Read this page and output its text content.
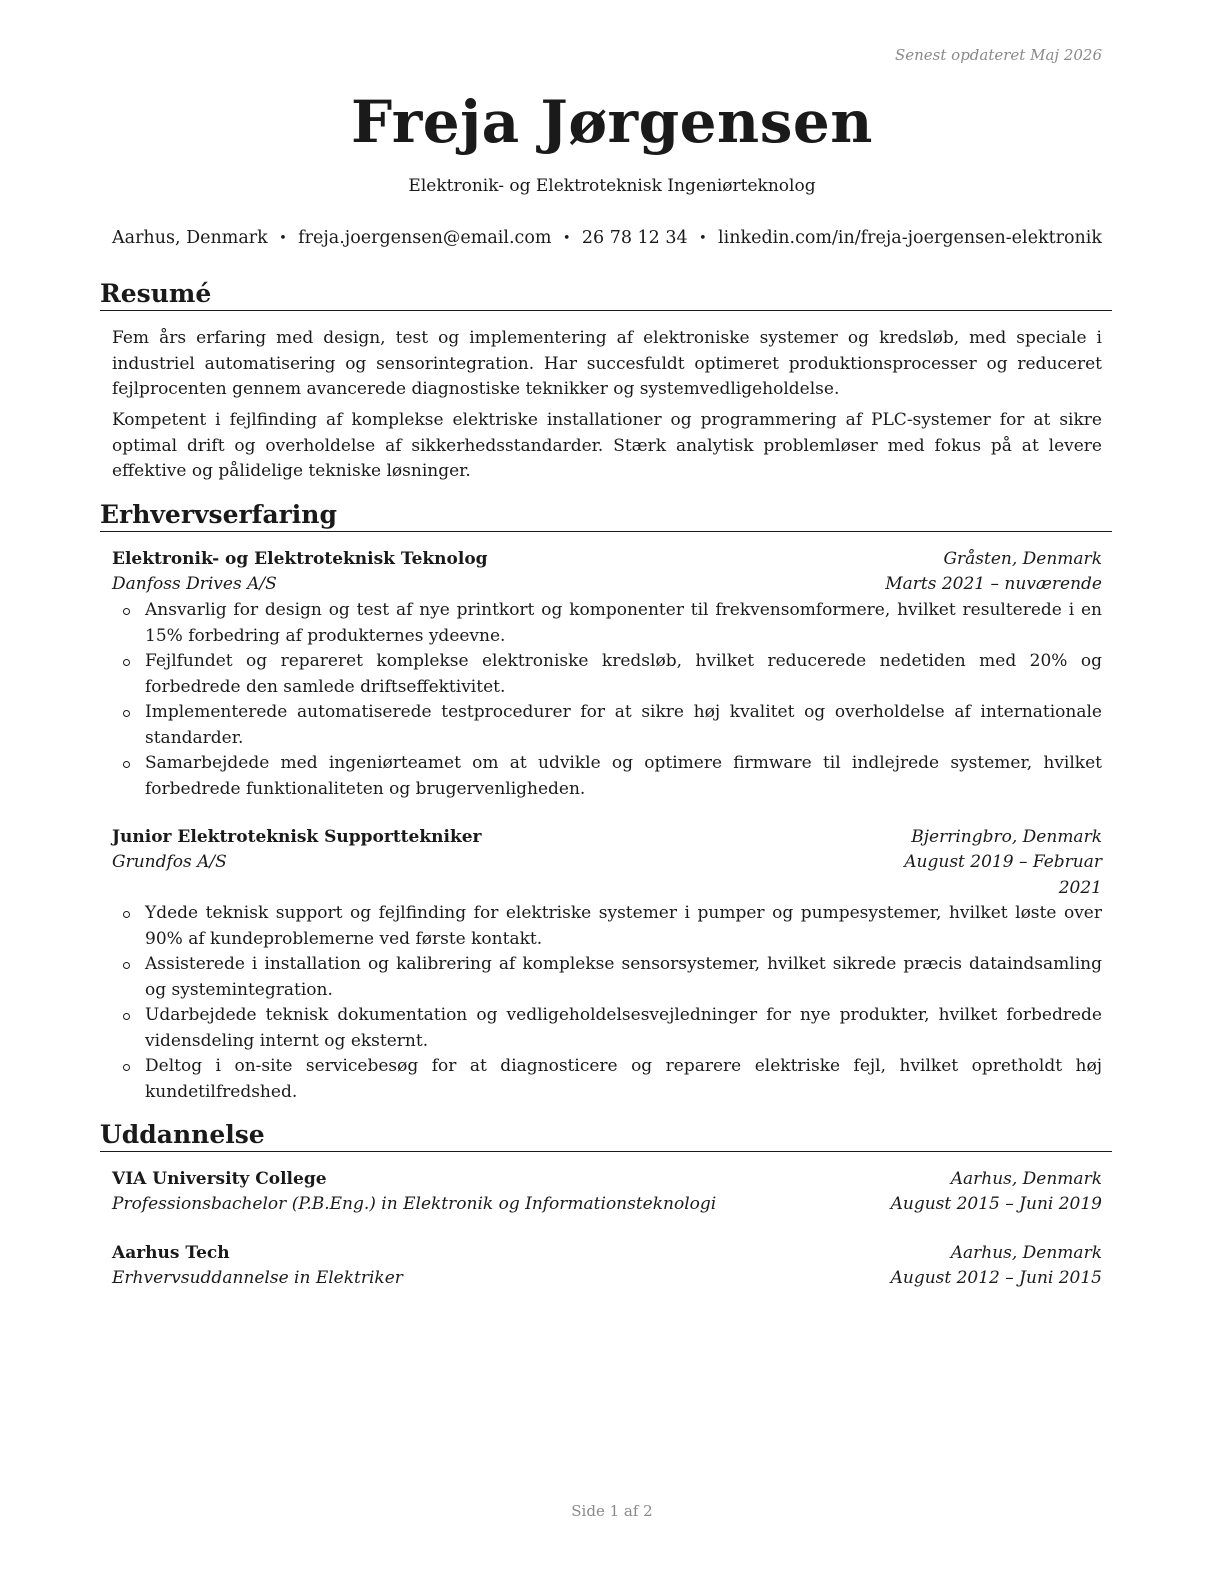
Senest opdateret Maj 2026
Freja Jørgensen
Elektronik- og Elektroteknisk Ingeniørteknolog
Aarhus, Denmark • freja.joergensen@email.com • 26 78 12 34 • linkedin.com/in/freja-joergensen-elektronik
Resumé
Fem års erfaring med design, test og implementering af elektroniske systemer og kredsløb, med speciale i industriel automatisering og sensorintegration. Har succesfuldt optimeret produktionsprocesser og reduceret fejlprocenten gennem avancerede diagnostiske teknikker og systemvedligeholdelse.
Kompetent i fejlfinding af komplekse elektriske installationer og programmering af PLC-systemer for at sikre optimal drift og overholdelse af sikkerhedsstandarder. Stærk analytisk problemløser med fokus på at levere effektive og pålidelige tekniske løsninger.
Erhvervserfaring
Elektronik- og Elektroteknisk Teknolog	Gråsten, Denmark
Danfoss Drives A/S	Marts 2021 – nuværende
Ansvarlig for design og test af nye printkort og komponenter til frekvensomformere, hvilket resulterede i en 15% forbedring af produkternes ydeevne.
Fejlfundet og repareret komplekse elektroniske kredsløb, hvilket reducerede nedetiden med 20% og forbedrede den samlede driftseffektivitet.
Implementerede automatiserede testprocedurer for at sikre høj kvalitet og overholdelse af internationale standarder.
Samarbejdede med ingeniørteamet om at udvikle og optimere firmware til indlejrede systemer, hvilket forbedrede funktionaliteten og brugervenligheden.
Junior Elektroteknisk Supporttekniker	Bjerringbro, Denmark
Grundfos A/S	August 2019 – Februar 2021
Ydede teknisk support og fejlfinding for elektriske systemer i pumper og pumpesystemer, hvilket løste over 90% af kundeproblemerne ved første kontakt.
Assisterede i installation og kalibrering af komplekse sensorsystemer, hvilket sikrede præcis dataindsamling og systemintegration.
Udarbejdede teknisk dokumentation og vedligeholdelsesvejledninger for nye produkter, hvilket forbedrede vidensdeling internt og eksternt.
Deltog i on-site servicebesøg for at diagnosticere og reparere elektriske fejl, hvilket opretholdt høj kundetilfredshed.
Uddannelse
VIA University College	Aarhus, Denmark
Professionsbachelor (P.B.Eng.) in Elektronik og Informationsteknologi	August 2015 – Juni 2019
Aarhus Tech	Aarhus, Denmark
Erhvervsuddannelse in Elektriker	August 2012 – Juni 2015
Side 1 af 2
